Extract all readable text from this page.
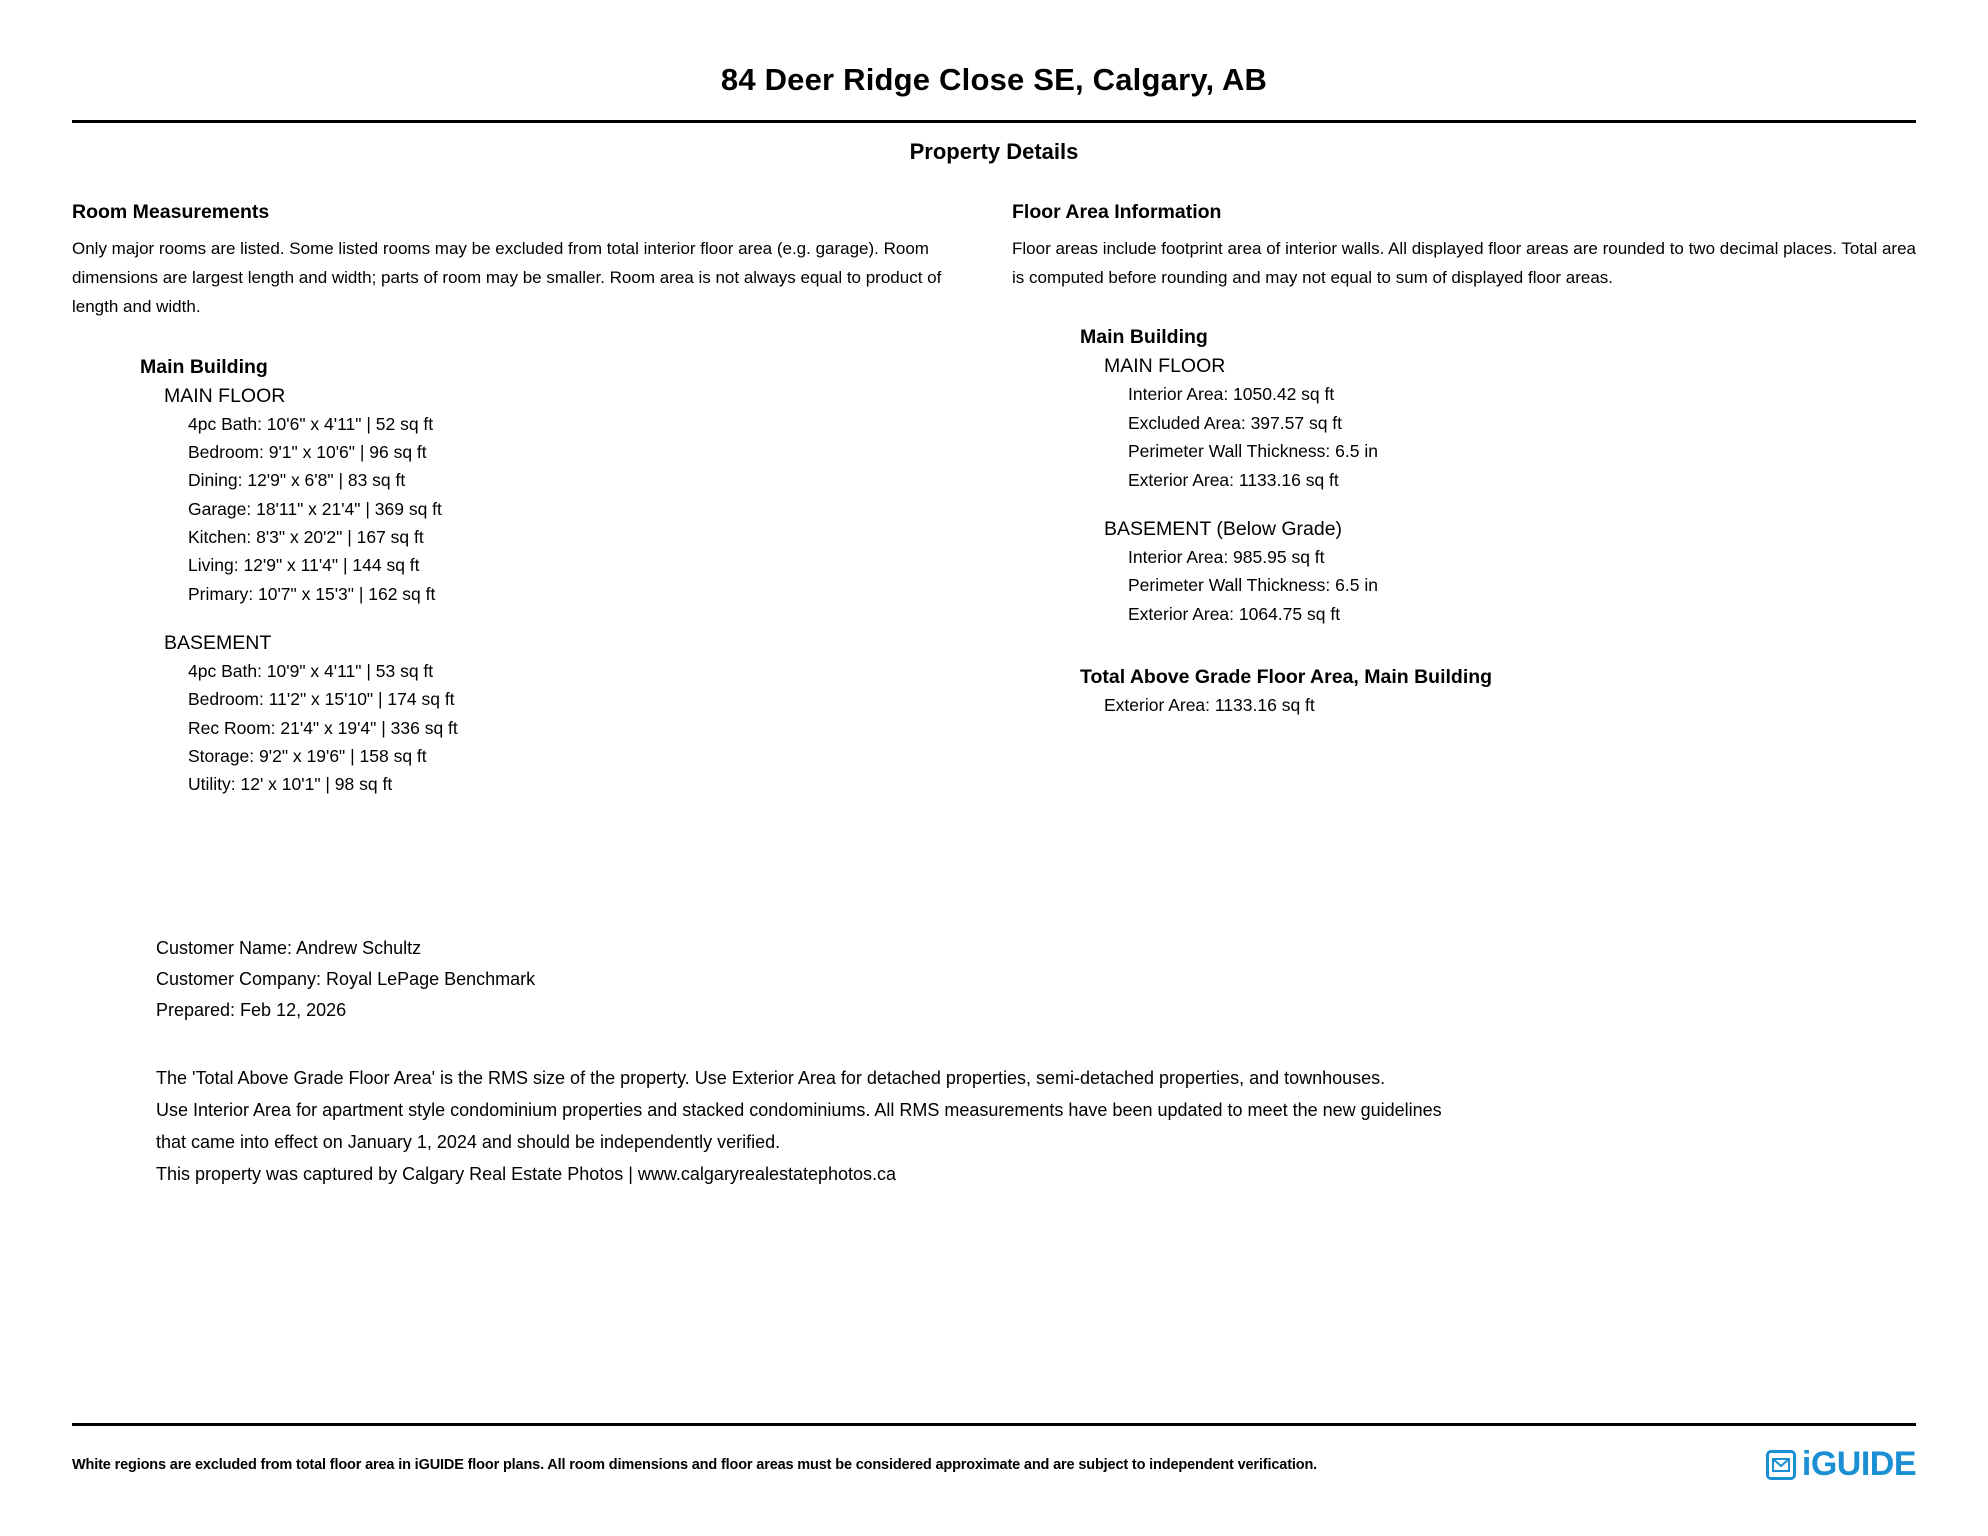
84 Deer Ridge Close SE, Calgary, AB
Property Details
Room Measurements

Only major rooms are listed. Some listed rooms may be excluded from total interior floor area (e.g. garage). Room dimensions are largest length and width; parts of room may be smaller. Room area is not always equal to product of length and width.

Main Building
MAIN FLOOR
4pc Bath: 10'6" x 4'11" | 52 sq ft
Bedroom: 9'1" x 10'6" | 96 sq ft
Dining: 12'9" x 6'8" | 83 sq ft
Garage: 18'11" x 21'4" | 369 sq ft
Kitchen: 8'3" x 20'2" | 167 sq ft
Living: 12'9" x 11'4" | 144 sq ft
Primary: 10'7" x 15'3" | 162 sq ft
BASEMENT
4pc Bath: 10'9" x 4'11" | 53 sq ft
Bedroom: 11'2" x 15'10" | 174 sq ft
Rec Room: 21'4" x 19'4" | 336 sq ft
Storage: 9'2" x 19'6" | 158 sq ft
Utility: 12' x 10'1" | 98 sq ft
Floor Area Information

Floor areas include footprint area of interior walls. All displayed floor areas are rounded to two decimal places. Total area is computed before rounding and may not equal to sum of displayed floor areas.

Main Building
MAIN FLOOR
Interior Area: 1050.42 sq ft
Excluded Area: 397.57 sq ft
Perimeter Wall Thickness: 6.5 in
Exterior Area: 1133.16 sq ft
BASEMENT (Below Grade)
Interior Area: 985.95 sq ft
Perimeter Wall Thickness: 6.5 in
Exterior Area: 1064.75 sq ft
Total Above Grade Floor Area, Main Building
Exterior Area: 1133.16 sq ft
Customer Name: Andrew Schultz
Customer Company: Royal LePage Benchmark
Prepared: Feb 12, 2026
The 'Total Above Grade Floor Area' is the RMS size of the property. Use Exterior Area for detached properties, semi-detached properties, and townhouses.
Use Interior Area for apartment style condominium properties and stacked condominiums. All RMS measurements have been updated to meet the new guidelines
that came into effect on January 1, 2024 and should be independently verified.
This property was captured by Calgary Real Estate Photos | www.calgaryrealestatephotos.ca
White regions are excluded from total floor area in iGUIDE floor plans. All room dimensions and floor areas must be considered approximate and are subject to independent verification.	iGUIDE
